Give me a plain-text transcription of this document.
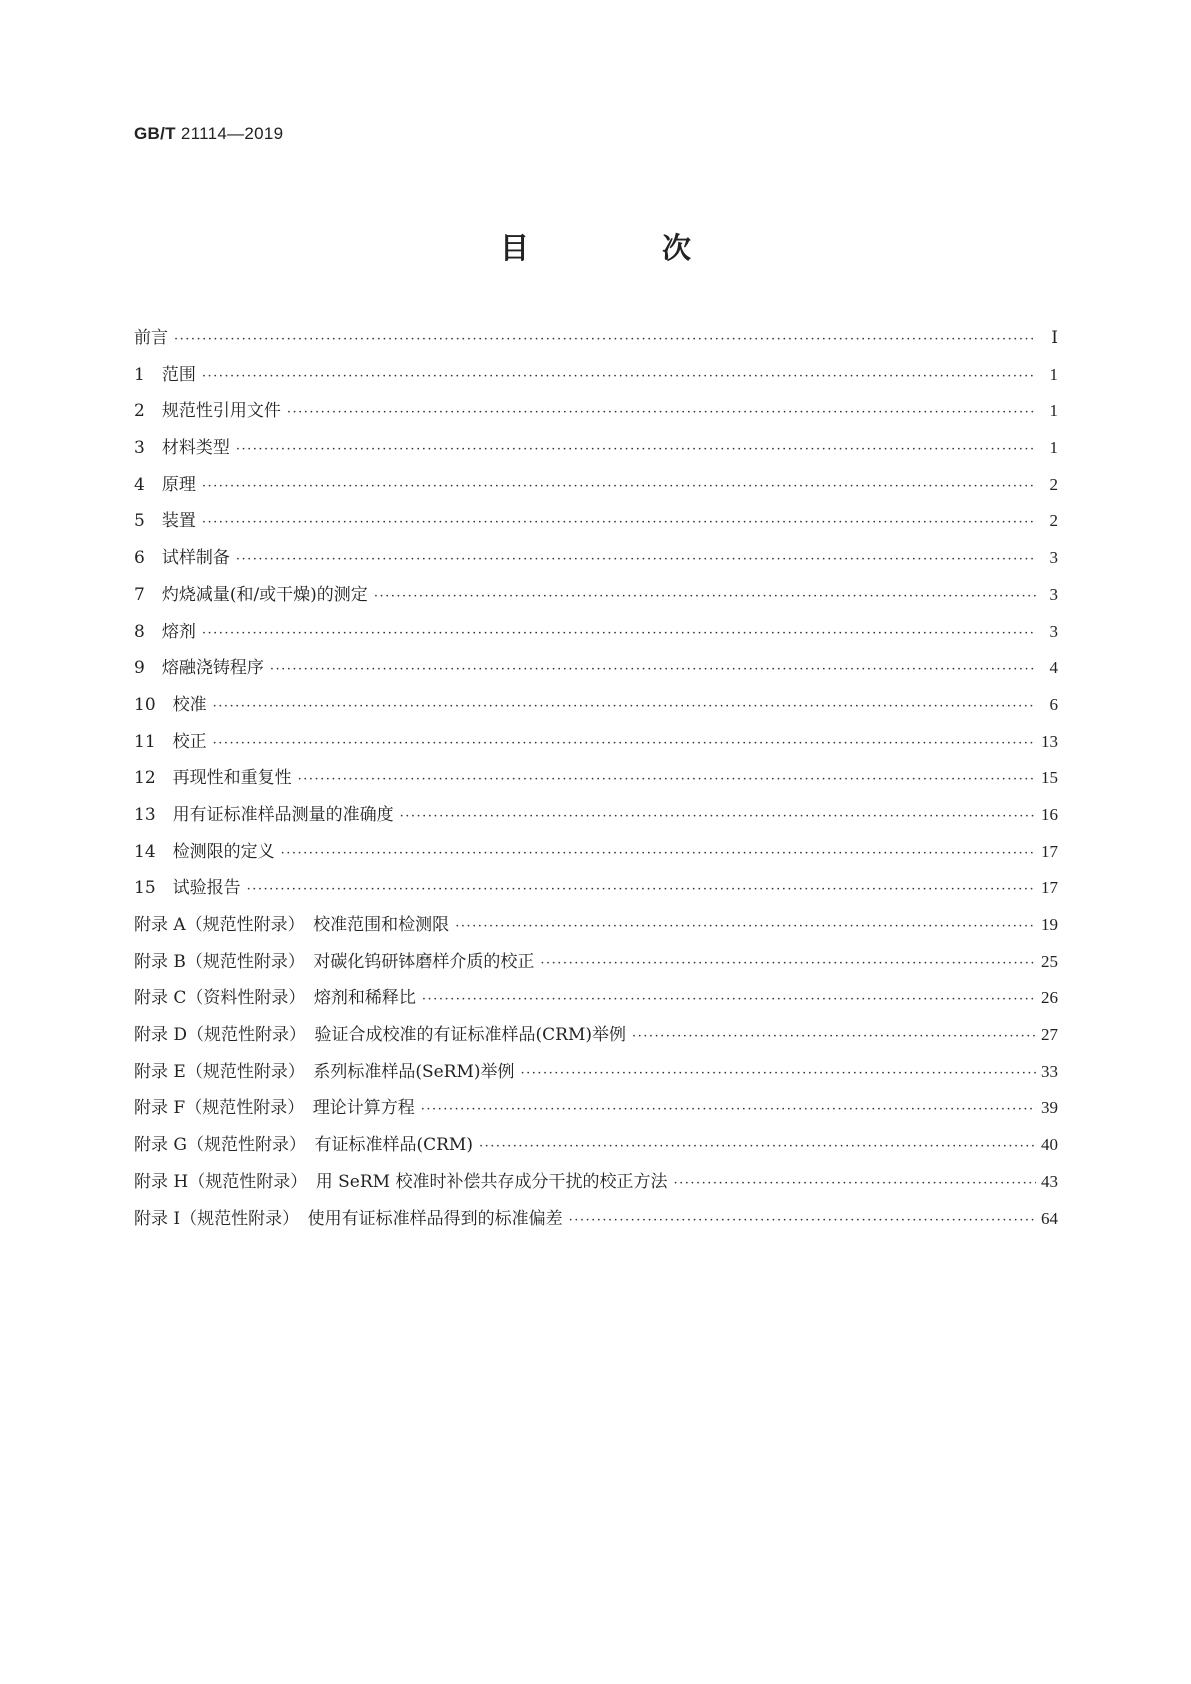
GB/T 21114—2019
目　次
前言 ·····	Ⅰ
1　范围 ·····	1
2　规范性引用文件 ·····	1
3　材料类型 ·····	1
4　原理 ·····	2
5　装置 ·····	2
6　试样制备 ·····	3
7　灼烧减量(和/或干燥)的测定 ·····	3
8　熔剂 ·····	3
9　熔融浇铸程序 ·····	4
10　校准 ·····	6
11　校正 ·····	13
12　再现性和重复性 ·····	15
13　用有证标准样品测量的准确度 ·····	16
14　检测限的定义 ·····	17
15　试验报告 ·····	17
附录 A（规范性附录）　校准范围和检测限 ·····	19
附录 B（规范性附录）　对碳化钨研钵磨样介质的校正 ·····	25
附录 C（资料性附录）　熔剂和稀释比 ·····	26
附录 D（规范性附录）　验证合成校准的有证标准样品(CRM)举例 ·····	27
附录 E（规范性附录）　系列标准样品(SeRM)举例 ·····	33
附录 F（规范性附录）　理论计算方程 ·····	39
附录 G（规范性附录）　有证标准样品(CRM) ·····	40
附录 H（规范性附录）　用 SeRM 校准时补偿共存成分干扰的校正方法 ·····	43
附录 I（规范性附录）　使用有证标准样品得到的标准偏差 ·····	64
